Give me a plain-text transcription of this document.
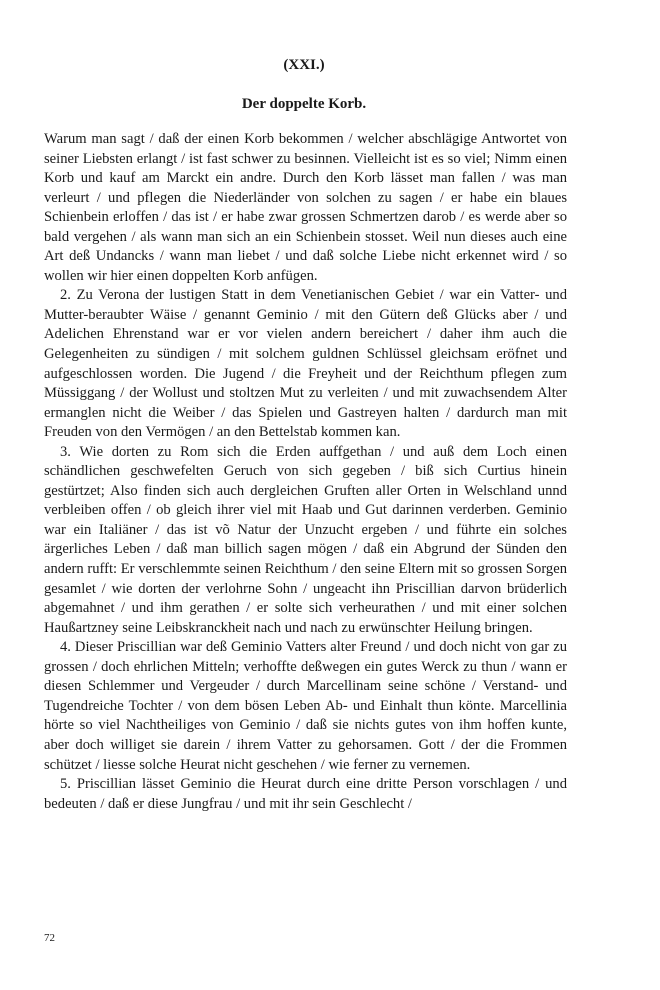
(XXI.)

Der doppelte Korb.

Warum man sagt / daß der einen Korb bekommen / welcher abschlägige Antwortet von seiner Liebsten erlangt / ist fast schwer zu besinnen. Vielleicht ist es so viel; Nimm einen Korb und kauf am Marckt ein andre. Durch den Korb lässet man fallen / was man verleurt / und pflegen die Niederländer von solchen zu sagen / er habe ein blaues Schienbein erloffen / das ist / er habe zwar grossen Schmertzen darob / es werde aber so bald vergehen / als wann man sich an ein Schienbein stosset. Weil nun dieses auch eine Art deß Undancks / wann man liebet / und daß solche Liebe nicht erkennet wird / so wollen wir hier einen doppelten Korb anfügen.

2. Zu Verona der lustigen Statt in dem Venetianischen Gebiet / war ein Vatter- und Mutter-beraubter Wäise / genannt Geminio / mit den Gütern deß Glücks aber / und Adelichen Ehrenstand war er vor vielen andern bereichert / daher ihm auch die Gelegenheiten zu sündigen / mit solchem guldnen Schlüssel gleichsam eröfnet und aufgeschlossen worden. Die Jugend / die Freyheit und der Reichthum pflegen zum Müssiggang / der Wollust und stoltzen Mut zu verleiten / und mit zuwachsendem Alter ermanglen nicht die Weiber / das Spielen und Gastreyen halten / dardurch man mit Freuden von den Vermögen / an den Bettelstab kommen kan.

3. Wie dorten zu Rom sich die Erden auffgethan / und auß dem Loch einen schändlichen geschwefelten Geruch von sich gegeben / biß sich Curtius hinein gestürtzet; Also finden sich auch dergleichen Gruften aller Orten in Welschland unnd verbleiben offen / ob gleich ihrer viel mit Haab und Gut darinnen verderben. Geminio war ein Italiäner / das ist võ Natur der Unzucht ergeben / und führte ein solches ärgerliches Leben / daß man billich sagen mögen / daß ein Abgrund der Sünden den andern rufft: Er verschlemmte seinen Reichthum / den seine Eltern mit so grossen Sorgen gesamlet / wie dorten der verlohrne Sohn / ungeacht ihn Priscillian darvon brüderlich abgemahnet / und ihm gerathen / er solte sich verheurathen / und mit einer solchen Haußartzney seine Leibskranckheit nach und nach zu erwünschter Heilung bringen.

4. Dieser Priscillian war deß Geminio Vatters alter Freund / und doch nicht von gar zu grossen / doch ehrlichen Mitteln; verhoffte deßwegen ein gutes Werck zu thun / wann er diesen Schlemmer und Vergeuder / durch Marcellinam seine schöne / Verstand- und Tugendreiche Tochter / von dem bösen Leben Ab- und Einhalt thun könte. Marcellinia hörte so viel Nachtheiliges von Geminio / daß sie nichts gutes von ihm hoffen kunte, aber doch williget sie darein / ihrem Vatter zu gehorsamen. Gott / der die Frommen schützet / liesse solche Heurat nicht geschehen / wie ferner zu vernemen.

5. Priscillian lässet Geminio die Heurat durch eine dritte Person vorschlagen / und bedeuten / daß er diese Jungfrau / und mit ihr sein Geschlecht /

72
